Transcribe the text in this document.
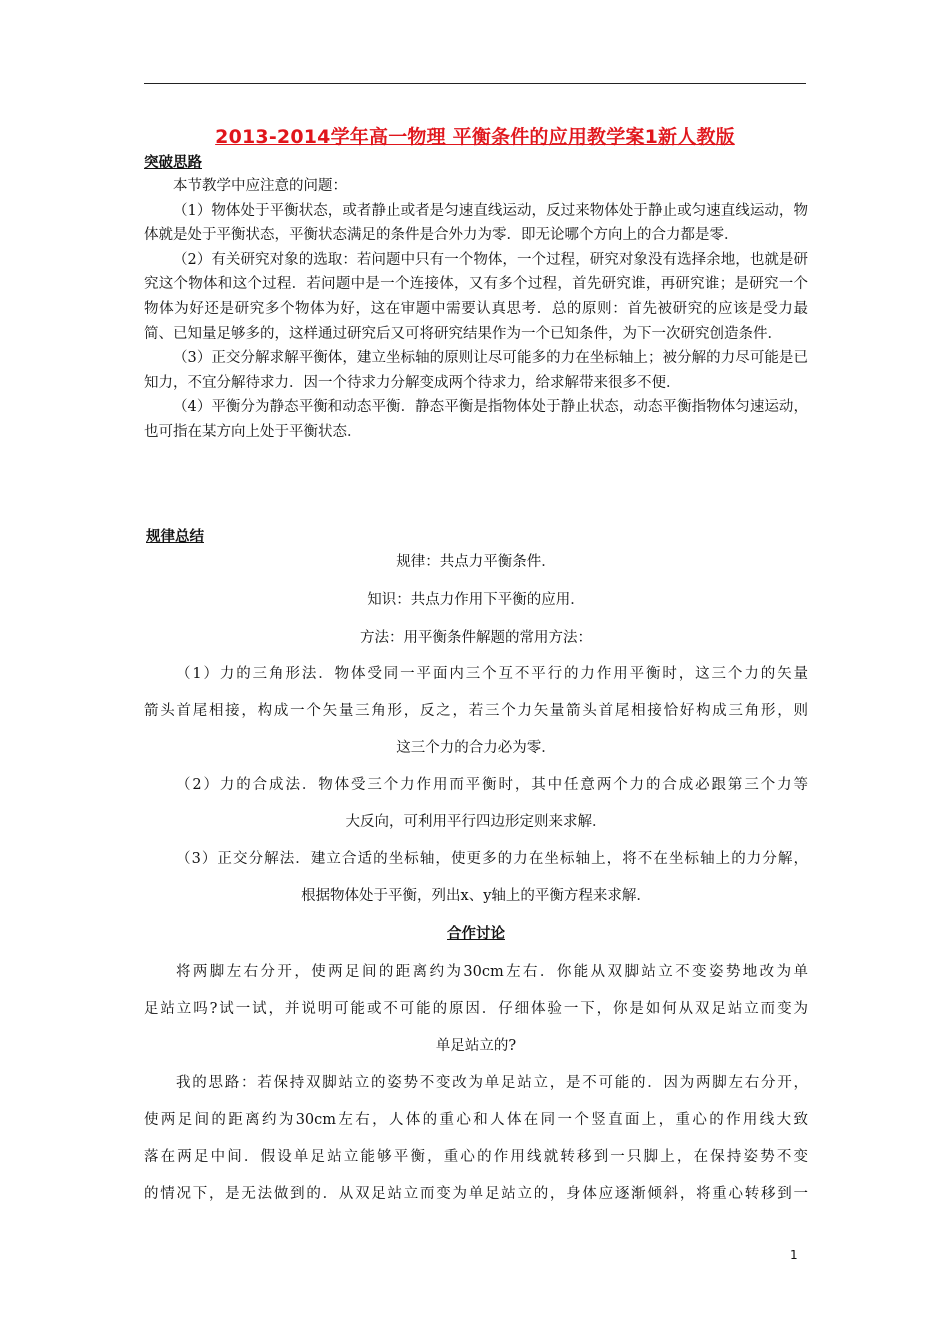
2013-2014学年高一物理 平衡条件的应用教学案1新人教版
突破思路

本节教学中应注意的问题：

（1）物体处于平衡状态，或者静止或者是匀速直线运动，反过来物体处于静止或匀速直线运动，物体就是处于平衡状态，平衡状态满足的条件是合外力为零．即无论哪个方向上的合力都是零．

（2）有关研究对象的选取：若问题中只有一个物体，一个过程，研究对象没有选择余地，也就是研究这个物体和这个过程．若问题中是一个连接体，又有多个过程，首先研究谁，再研究谁；是研究一个物体为好还是研究多个物体为好，这在审题中需要认真思考．总的原则：首先被研究的应该是受力最简、已知量足够多的，这样通过研究后又可将研究结果作为一个已知条件，为下一次研究创造条件．

（3）正交分解求解平衡体，建立坐标轴的原则让尽可能多的力在坐标轴上；被分解的力尽可能是已知力，不宜分解待求力．因一个待求力分解变成两个待求力，给求解带来很多不便．

（4）平衡分为静态平衡和动态平衡．静态平衡是指物体处于静止状态，动态平衡指物体匀速运动，也可指在某方向上处于平衡状态．

规律总结
规律：共点力平衡条件．
知识：共点力作用下平衡的应用．
方法：用平衡条件解题的常用方法：
（1）力的三角形法．物体受同一平面内三个互不平行的力作用平衡时，这三个力的矢量
箭头首尾相接，构成一个矢量三角形，反之，若三个力矢量箭头首尾相接恰好构成三角形，则
这三个力的合力必为零．
（2）力的合成法．物体受三个力作用而平衡时，其中任意两个力的合成必跟第三个力等
大反向，可利用平行四边形定则来求解．
（3）正交分解法．建立合适的坐标轴，使更多的力在坐标轴上，将不在坐标轴上的力分解，
根据物体处于平衡，列出x、y轴上的平衡方程来求解．
合作讨论
将两脚左右分开，使两足间的距离约为30cm左右．你能从双脚站立不变姿势地改为单
足站立吗?试一试，并说明可能或不可能的原因．仔细体验一下，你是如何从双足站立而变为
单足站立的?
我的思路：若保持双脚站立的姿势不变改为单足站立，是不可能的．因为两脚左右分开，
使两足间的距离约为30cm左右，人体的重心和人体在同一个竖直面上，重心的作用线大致
落在两足中间．假设单足站立能够平衡，重心的作用线就转移到一只脚上，在保持姿势不变
的情况下，是无法做到的．从双足站立而变为单足站立的，身体应逐渐倾斜，将重心转移到一
1
